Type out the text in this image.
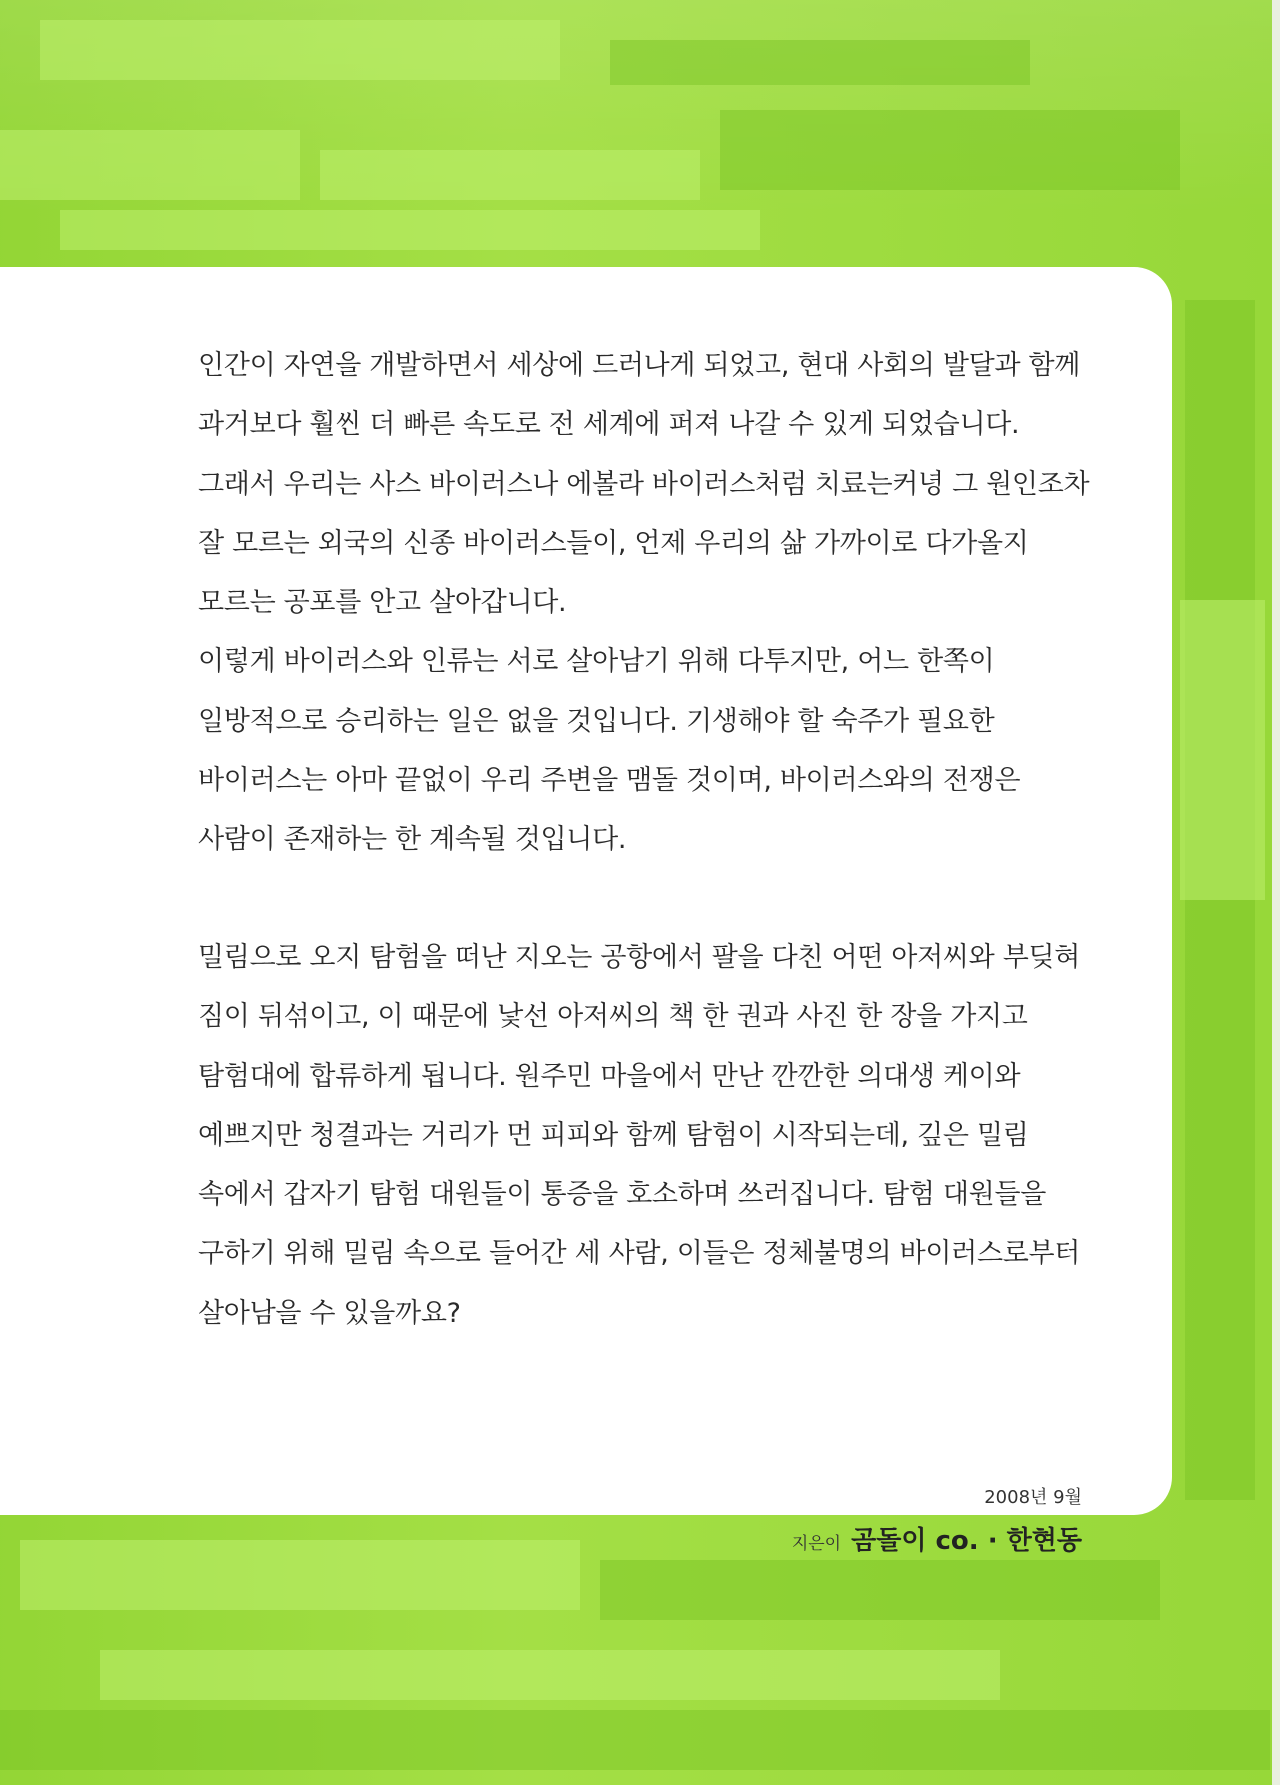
인간이 자연을 개발하면서 세상에 드러나게 되었고, 현대 사회의 발달과 함께
과거보다 훨씬 더 빠른 속도로 전 세계에 퍼져 나갈 수 있게 되었습니다.
그래서 우리는 사스 바이러스나 에볼라 바이러스처럼 치료는커녕 그 원인조차
잘 모르는 외국의 신종 바이러스들이, 언제 우리의 삶 가까이로 다가올지
모르는 공포를 안고 살아갑니다.
이렇게 바이러스와 인류는 서로 살아남기 위해 다투지만, 어느 한쪽이
일방적으로 승리하는 일은 없을 것입니다. 기생해야 할 숙주가 필요한
바이러스는 아마 끝없이 우리 주변을 맴돌 것이며, 바이러스와의 전쟁은
사람이 존재하는 한 계속될 것입니다.
밀림으로 오지 탐험을 떠난 지오는 공항에서 팔을 다친 어떤 아저씨와 부딪혀
짐이 뒤섞이고, 이 때문에 낯선 아저씨의 책 한 권과 사진 한 장을 가지고
탐험대에 합류하게 됩니다. 원주민 마을에서 만난 깐깐한 의대생 케이와
예쁘지만 청결과는 거리가 먼 피피와 함께 탐험이 시작되는데, 깊은 밀림
속에서 갑자기 탐험 대원들이 통증을 호소하며 쓰러집니다. 탐험 대원들을
구하기 위해 밀림 속으로 들어간 세 사람, 이들은 정체불명의 바이러스로부터
살아남을 수 있을까요?
2008년 9월
지은이 곰돌이 co. · 한현동
